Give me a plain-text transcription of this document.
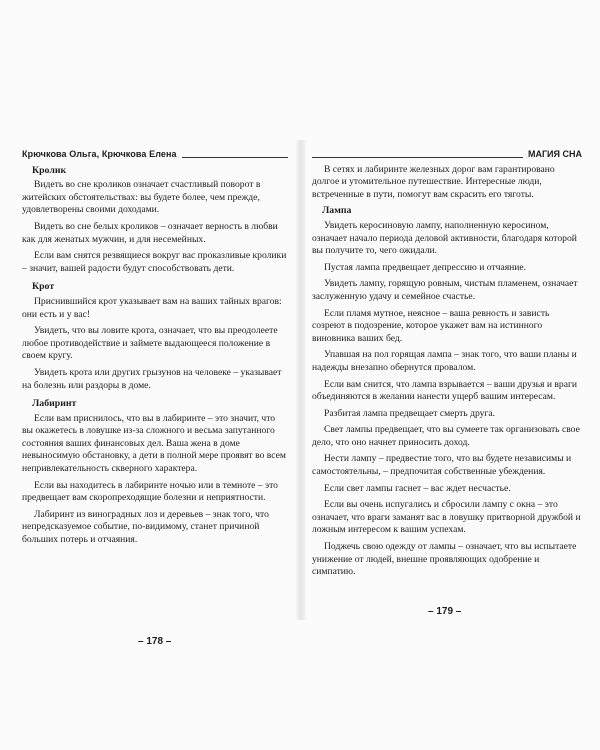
Крючкова Ольга, Крючкова Елена
Кролик

Видеть во сне кроликов означает счастливый поворот в житейских обстоятельствах: вы будете более, чем прежде, удовлетворены своими доходами.

Видеть во сне белых кроликов – означает верность в любви как для женатых мужчин, и для несемейных.

Если вам снятся резвящиеся вокруг вас проказливые кролики – значит, вашей радости будут способствовать дети.

Крот

Приснившийся крот указывает вам на ваших тайных врагов: они есть и у вас!

Увидеть, что вы ловите крота, означает, что вы преодолеете любое противодействие и займете выдающееся положение в своем кругу.

Увидеть крота или других грызунов на человеке – указывает на болезнь или раздоры в доме.

Лабиринт

Если вам приснилось, что вы в лабиринте – это значит, что вы окажетесь в ловушке из-за сложного и весьма запутанного состояния ваших финансовых дел. Ваша жена в доме невыносимую обстановку, а дети в полной мере проявят во всем непривлекательность скверного характера.

Если вы находитесь в лабиринте ночью или в темноте – это предвещает вам скоропреходящие болезни и неприятности.

Лабиринт из виноградных лоз и деревьев – знак того, что непредсказуемое событие, по-видимому, станет причиной больших потерь и отчаяния.

– 178 –
МАГИЯ СНА

В сетях и лабиринте железных дорог вам гарантировано долгое и утомительное путешествие. Интересные люди, встреченные в пути, помогут вам скрасить его тяготы.

Лампа

Увидеть керосиновую лампу, наполненную керосином, означает начало периода деловой активности, благодаря которой вы получите то, чего ожидали.

Пустая лампа предвещает депрессию и отчаяние.

Увидеть лампу, горящую ровным, чистым пламенем, означает заслуженную удачу и семейное счастье.

Если пламя мутное, неясное – ваша ревность и зависть созреют в подозрение, которое укажет вам на истинного виновника ваших бед.

Упавшая на пол горящая лампа – знак того, что ваши планы и надежды внезапно обернутся провалом.

Если вам снится, что лампа взрывается – ваши друзья и враги объединяются в желании нанести ущерб вашим интересам.

Разбитая лампа предвещает смерть друга.

Свет лампы предвещает, что вы сумеете так организовать свое дело, что оно начнет приносить доход.

Нести лампу – предвестие того, что вы будете независимы и самостоятельны, – предпочитая собственные убеждения.

Если свет лампы гаснет – вас ждет несчастье.

Если вы очень испугались и сбросили лампу с окна – это означает, что враги заманят вас в ловушку притворной дружбой и ложным интересом к вашим успехам.

Поджечь свою одежду от лампы – означает, что вы испытаете унижение от людей, внешне проявляющих одобрение и симпатию.

– 179 –
